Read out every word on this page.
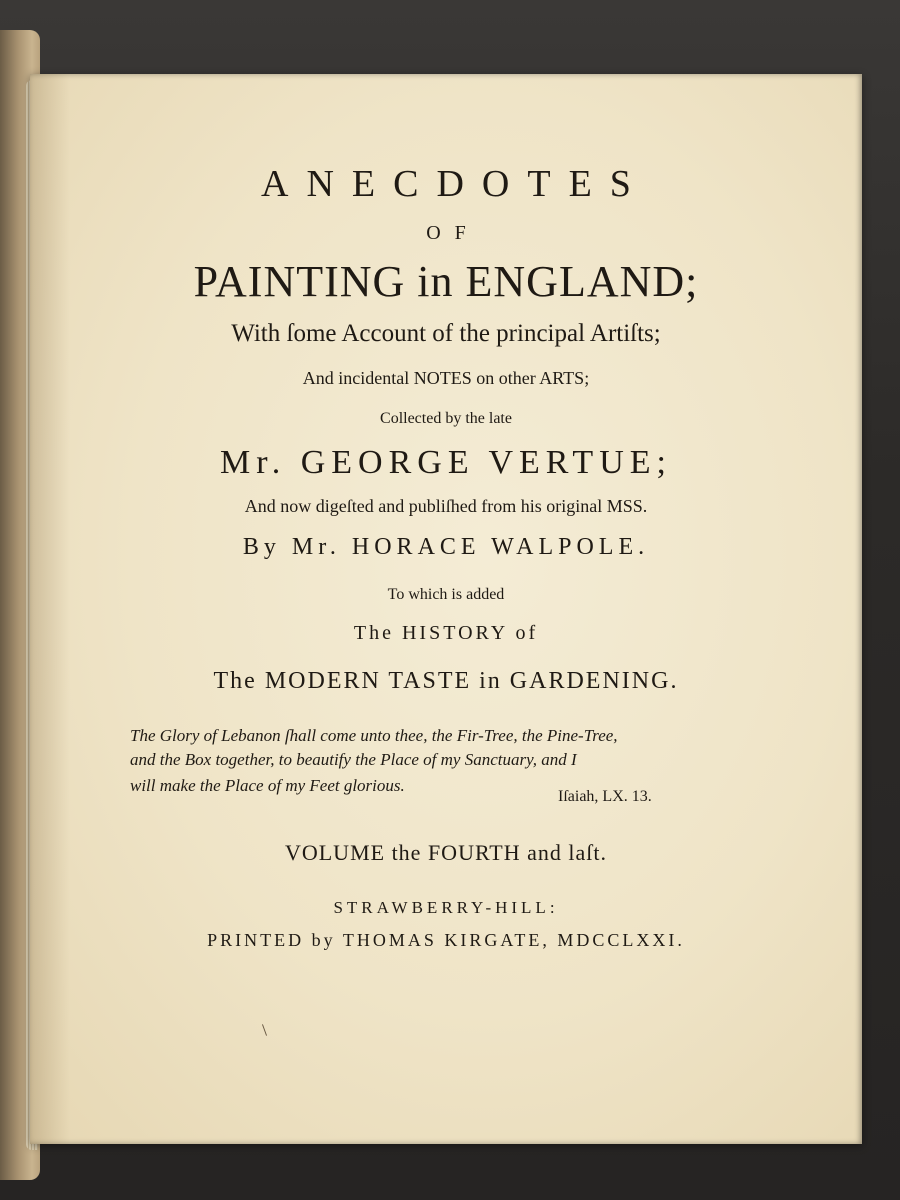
ANECDOTES
OF
PAINTING in ENGLAND;
With ſome Account of the principal Artiſts;
And incidental NOTES on other ARTS;
Collected by the late
Mr. GEORGE VERTUE;
And now digeſted and publiſhed from his original MSS.
By Mr. HORACE WALPOLE.
To which is added
The HISTORY of
The MODERN TASTE in GARDENING.
The Glory of Lebanon ſhall come unto thee, the Fir-Tree, the Pine-Tree,
and the Box together, to beautify the Place of my Sanctuary, and I
will make the Place of my Feet glorious.
Iſaiah, LX. 13.
VOLUME the FOURTH and laſt.
STRAWBERRY-HILL:
PRINTED by THOMAS KIRGATE, MDCCLXXI.
